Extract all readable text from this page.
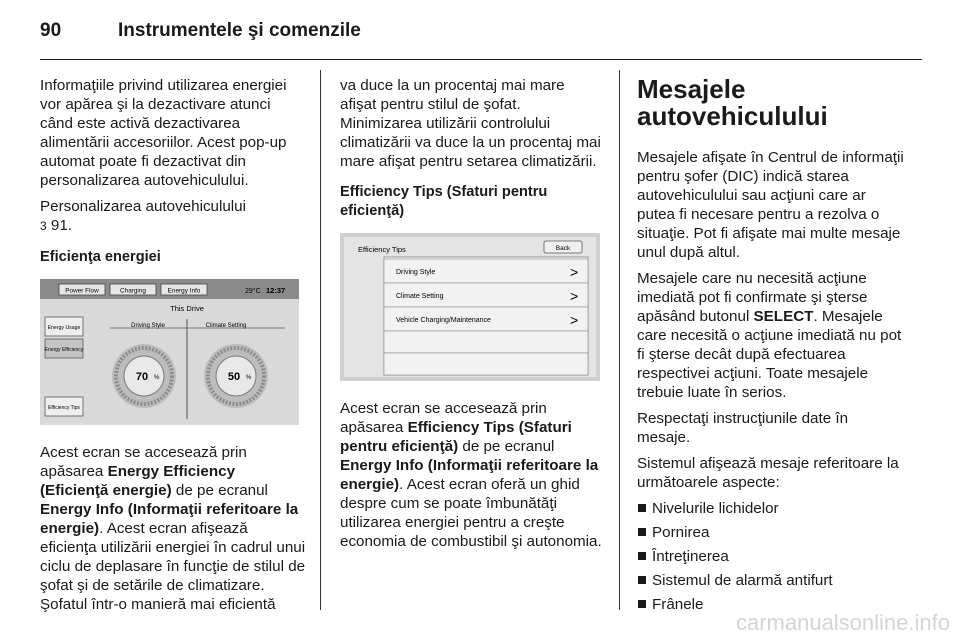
90	Instrumentele şi comenzile

Informaţiile privind utilizarea energiei vor apărea şi la dezactivare atunci când este activă dezactivarea alimentării accesoriilor. Acest pop-up automat poate fi dezactivat din personalizarea autovehiculului.

Personalizarea autovehiculului
3 91.

Eficienţa energiei

Power Flow	Charging	Energy Info	29°C 12:37
This Drive
Driving Style	Climate Setting
Energy Usage
Energy Efficiency
Efficiency Tips
70 %	50 %

Acest ecran se accesează prin apăsarea Energy Efficiency (Eficienţă energie) de pe ecranul Energy Info (Informaţii referitoare la energie). Acest ecran afişează eficienţa utilizării energiei în cadrul unui ciclu de deplasare în funcţie de stilul de şofat şi de setările de climatizare. Şofatul într-o manieră mai eficientă

va duce la un procentaj mai mare afişat pentru stilul de şofat. Minimizarea utilizării controlului climatizării va duce la un procentaj mai mare afişat pentru setarea climatizării.

Efficiency Tips (Sfaturi pentru eficienţă)

Efficiency Tips	Back
Driving Style	>
Climate Setting	>
Vehicle Charging/Maintenance	>

Acest ecran se accesează prin apăsarea Efficiency Tips (Sfaturi pentru eficienţă) de pe ecranul Energy Info (Informaţii referitoare la energie). Acest ecran oferă un ghid despre cum se poate îmbunătăţi utilizarea energiei pentru a creşte economia de combustibil şi autonomia.

Mesajele autovehiculului

Mesajele afişate în Centrul de informaţii pentru şofer (DIC) indică starea autovehiculului sau acţiuni care ar putea fi necesare pentru a rezolva o situaţie. Pot fi afişate mai multe mesaje unul după altul.

Mesajele care nu necesită acţiune imediată pot fi confirmate şi şterse apăsând butonul SELECT. Mesajele care necesită o acţiune imediată nu pot fi şterse decât după efectuarea respectivei acţiuni. Toate mesajele trebuie luate în serios.

Respectaţi instrucţiunile date în mesaje.

Sistemul afişează mesaje referitoare la următoarele aspecte:

Nivelurile lichidelor
Pornirea
Întreţinerea
Sistemul de alarmă antifurt
Frânele
carmanualsonline.info
